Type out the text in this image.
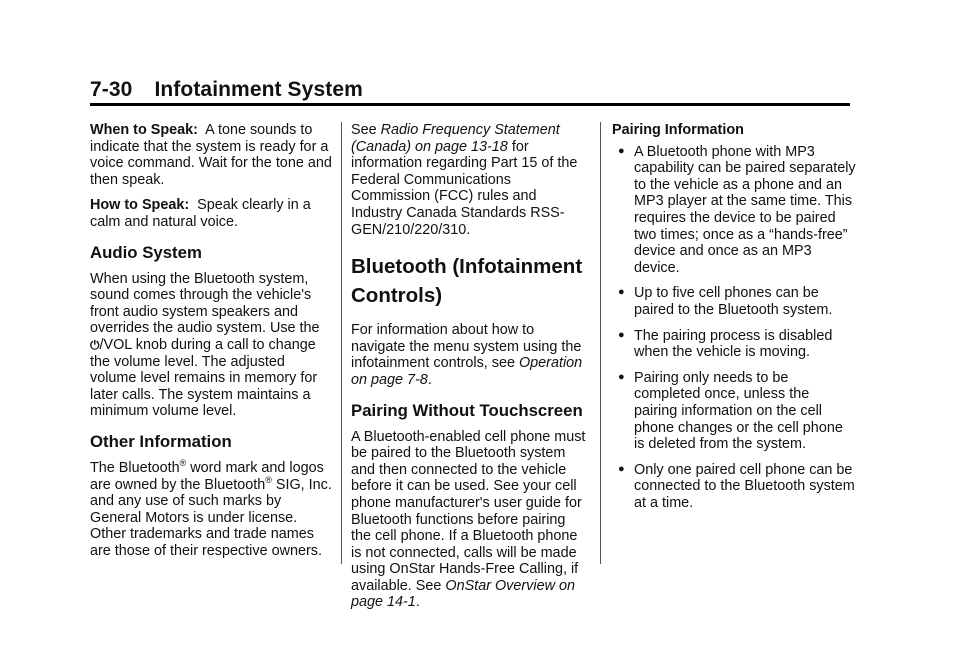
7-30 Infotainment System

When to Speak: A tone sounds to indicate that the system is ready for a voice command. Wait for the tone and then speak.

How to Speak: Speak clearly in a calm and natural voice.

Audio System

When using the Bluetooth system, sound comes through the vehicle's front audio system speakers and overrides the audio system. Use the
⏻/VOL knob during a call to change the volume level. The adjusted volume level remains in memory for later calls. The system maintains a minimum volume level.

Other Information

The Bluetooth® word mark and logos are owned by the Bluetooth® SIG, Inc. and any use of such marks by General Motors is under license. Other trademarks and trade names are those of their respective owners.

See Radio Frequency Statement (Canada) on page 13-18 for information regarding Part 15 of the Federal Communications Commission (FCC) rules and Industry Canada Standards RSS-GEN/210/220/310.

Bluetooth (Infotainment Controls)

For information about how to navigate the menu system using the infotainment controls, see Operation on page 7-8.

Pairing Without Touchscreen

A Bluetooth-enabled cell phone must be paired to the Bluetooth system and then connected to the vehicle before it can be used. See your cell phone manufacturer's user guide for Bluetooth functions before pairing the cell phone. If a Bluetooth phone is not connected, calls will be made using OnStar Hands-Free Calling, if available. See OnStar Overview on page 14-1.

Pairing Information

● A Bluetooth phone with MP3 capability can be paired separately to the vehicle as a phone and an MP3 player at the same time. This requires the device to be paired two times; once as a “hands-free” device and once as an MP3 device.
● Up to five cell phones can be paired to the Bluetooth system.
● The pairing process is disabled when the vehicle is moving.
● Pairing only needs to be completed once, unless the pairing information on the cell phone changes or the cell phone is deleted from the system.
● Only one paired cell phone can be connected to the Bluetooth system at a time.
